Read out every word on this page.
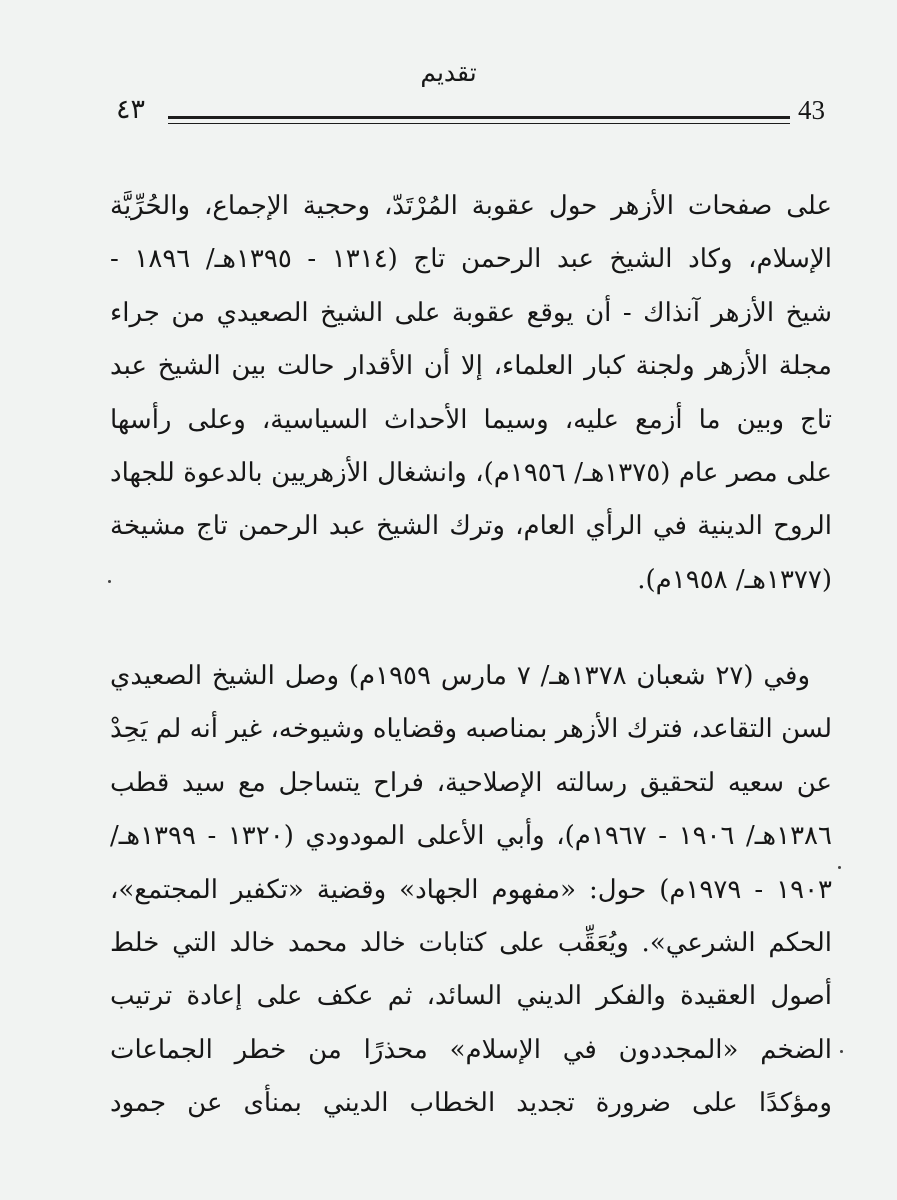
تقديم
٤٣	43
على صفحات الأزهر حول عقوبة المُرْتَدّ، وحجية الإجماع، والحُرِّيَّة
الإسلام، وكاد الشيخ عبد الرحمن تاج (١٣١٤ - ١٣٩٥هـ/ ١٨٩٦ -
شيخ الأزهر آنذاك - أن يوقع عقوبة على الشيخ الصعيدي من جراء
مجلة الأزهر ولجنة كبار العلماء، إلا أن الأقدار حالت بين الشيخ عبد
تاج وبين ما أزمع عليه، وسيما الأحداث السياسية، وعلى رأسها
على مصر عام (١٣٧٥هـ/ ١٩٥٦م)، وانشغال الأزهريين بالدعوة للجهاد
الروح الدينية في الرأي العام، وترك الشيخ عبد الرحمن تاج مشيخة
(١٣٧٧هـ/ ١٩٥٨م).
وفي (٢٧ شعبان ١٣٧٨هـ/ ٧ مارس ١٩٥٩م) وصل الشيخ الصعيدي
لسن التقاعد، فترك الأزهر بمناصبه وقضاياه وشيوخه، غير أنه لم يَحِدْ
عن سعيه لتحقيق رسالته الإصلاحية، فراح يتساجل مع سيد قطب
١٣٨٦هـ/ ١٩٠٦ - ١٩٦٧م)، وأبي الأعلى المودودي (١٣٢٠ - ١٣٩٩هـ/
١٩٠٣ - ١٩٧٩م) حول: «مفهوم الجهاد» وقضية «تكفير المجتمع»،
الحكم الشرعي». ويُعَقِّب على كتابات خالد محمد خالد التي خلط
أصول العقيدة والفكر الديني السائد، ثم عكف على إعادة ترتيب
الضخم «المجددون في الإسلام» محذرًا من خطر الجماعات
ومؤكدًا على ضرورة تجديد الخطاب الديني بمنأى عن جمود
